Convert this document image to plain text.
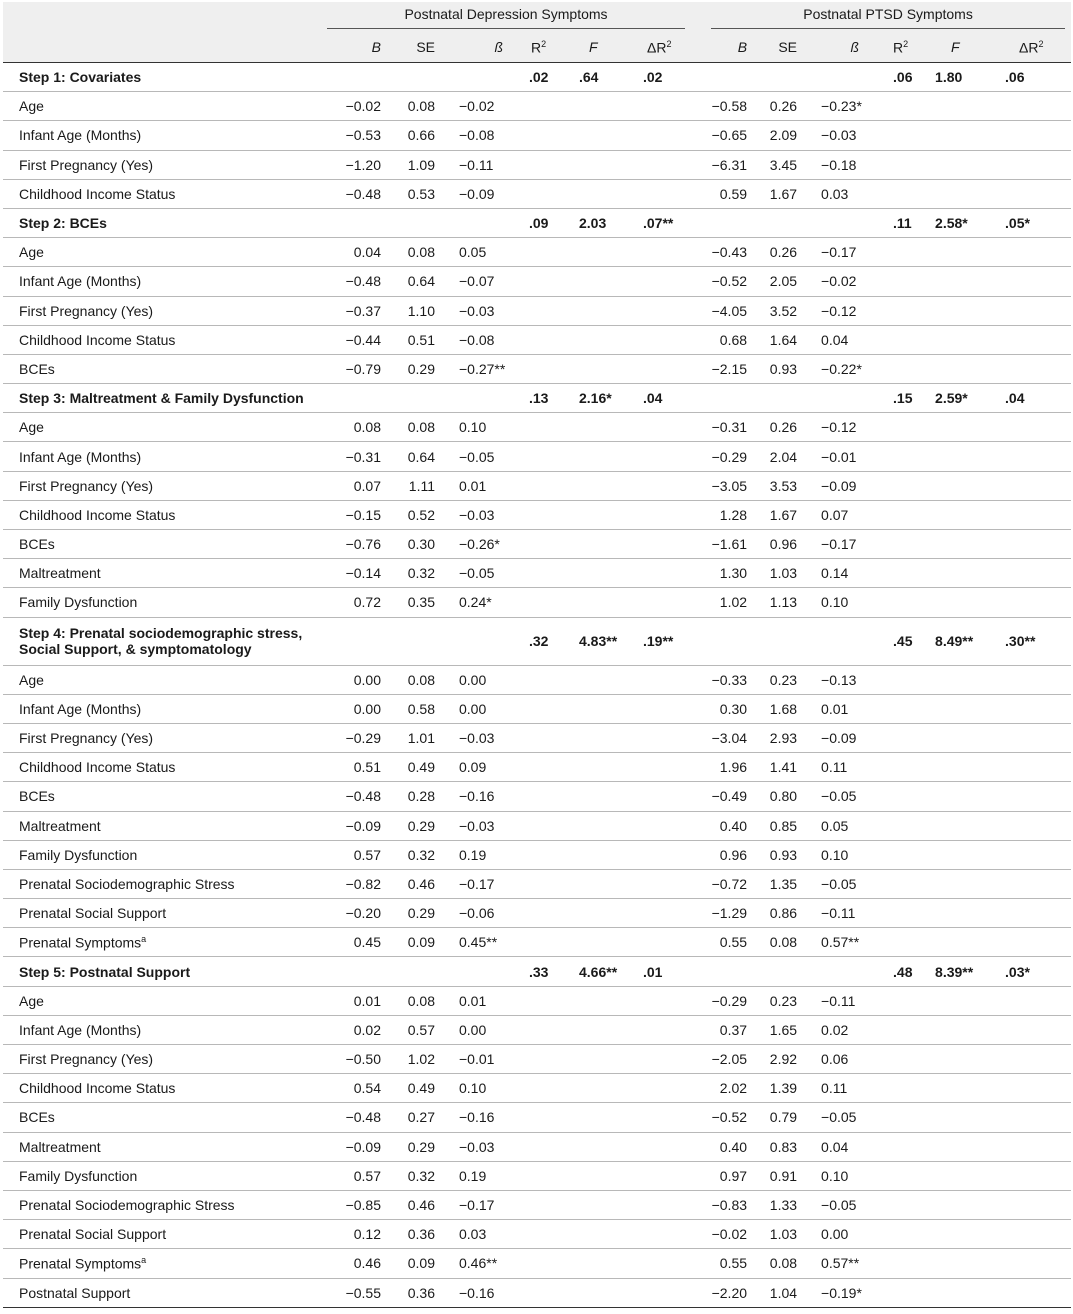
	Postnatal Depression Symptoms							Postnatal PTSD Symptoms					

	B	SE	ß	$R^2$	F	$\Delta R^2$		B	SE	ß	$R^2$	F	$\Delta R^2$
Step 1: Covariates				.02	.64	.02					.06	1.80	.06
Age	−0.02	0.08	−0.02					−0.58	0.26	−0.23*			
Infant Age (Months)	−0.53	0.66	−0.08					−0.65	2.09	−0.03			
First Pregnancy (Yes)	−1.20	1.09	−0.11					−6.31	3.45	−0.18			
Childhood Income Status	−0.48	0.53	−0.09					0.59	1.67	0.03			
Step 2: BCEs				.09	2.03	.07**					.11	2.58*	.05*
Age	0.04	0.08	0.05					−0.43	0.26	−0.17			
Infant Age (Months)	−0.48	0.64	−0.07					−0.52	2.05	−0.02			
First Pregnancy (Yes)	−0.37	1.10	−0.03					−4.05	3.52	−0.12			
Childhood Income Status	−0.44	0.51	−0.08					0.68	1.64	0.04			
BCEs	−0.79	0.29	−0.27**					−2.15	0.93	−0.22*			
Step 3: Maltreatment & Family Dysfunction				.13	2.16*	.04					.15	2.59*	.04
Age	0.08	0.08	0.10					−0.31	0.26	−0.12			
Infant Age (Months)	−0.31	0.64	−0.05					−0.29	2.04	−0.01			
First Pregnancy (Yes)	0.07	1.11	0.01					−3.05	3.53	−0.09			
Childhood Income Status	−0.15	0.52	−0.03					1.28	1.67	0.07			
BCEs	−0.76	0.30	−0.26*					−1.61	0.96	−0.17			
Maltreatment	−0.14	0.32	−0.05					1.30	1.03	0.14			
Family Dysfunction	0.72	0.35	0.24*					1.02	1.13	0.10			
Step 4: Prenatal sociodemographic stress,
Social Support, & symptomatology				.32	4.83**	.19**					.45	8.49**	.30**
Age	0.00	0.08	0.00					−0.33	0.23	−0.13			
Infant Age (Months)	0.00	0.58	0.00					0.30	1.68	0.01			
First Pregnancy (Yes)	−0.29	1.01	−0.03					−3.04	2.93	−0.09			
Childhood Income Status	0.51	0.49	0.09					1.96	1.41	0.11			
BCEs	−0.48	0.28	−0.16					−0.49	0.80	−0.05			
Maltreatment	−0.09	0.29	−0.03					0.40	0.85	0.05			
Family Dysfunction	0.57	0.32	0.19					0.96	0.93	0.10			
Prenatal Sociodemographic Stress	−0.82	0.46	−0.17					−0.72	1.35	−0.05			
Prenatal Social Support	−0.20	0.29	−0.06					−1.29	0.86	−0.11			
Prenatal Symptoms$^a$	0.45	0.09	0.45**					0.55	0.08	0.57**			
Step 5: Postnatal Support				.33	4.66**	.01					.48	8.39**	.03*
Age	0.01	0.08	0.01					−0.29	0.23	−0.11			
Infant Age (Months)	0.02	0.57	0.00					0.37	1.65	0.02			
First Pregnancy (Yes)	−0.50	1.02	−0.01					−2.05	2.92	0.06			
Childhood Income Status	0.54	0.49	0.10					2.02	1.39	0.11			
BCEs	−0.48	0.27	−0.16					−0.52	0.79	−0.05			
Maltreatment	−0.09	0.29	−0.03					0.40	0.83	0.04			
Family Dysfunction	0.57	0.32	0.19					0.97	0.91	0.10			
Prenatal Sociodemographic Stress	−0.85	0.46	−0.17					−0.83	1.33	−0.05			
Prenatal Social Support	0.12	0.36	0.03					−0.02	1.03	0.00			
Prenatal Symptoms$^a$	0.46	0.09	0.46**					0.55	0.08	0.57**			
Postnatal Support	−0.55	0.36	−0.16					−2.20	1.04	−0.19*			
